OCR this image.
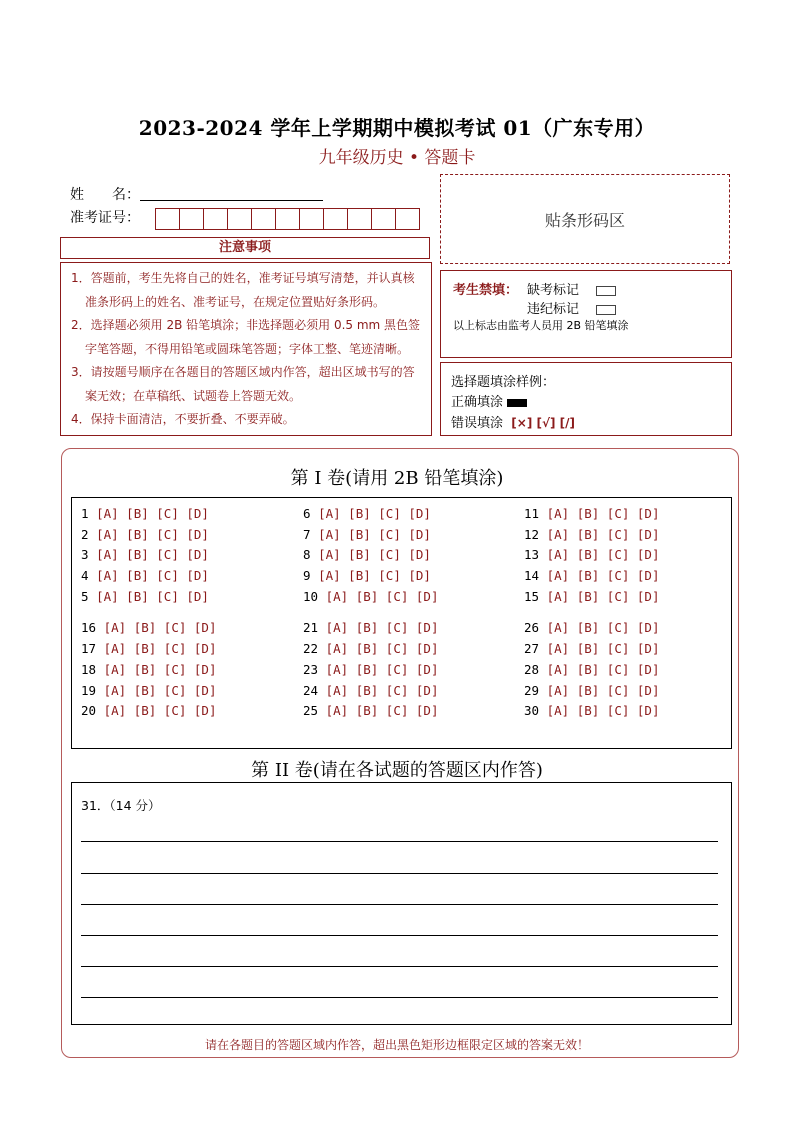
2023-2024 学年上学期期中模拟考试 01（广东专用）
九年级历史 • 答题卡
姓　　名：
准考证号：	贴条形码区
注意事项

1．答题前，考生先将自己的姓名，准考证号填写清楚，并认真核准条形码上的姓名、准考证号，在规定位置贴好条形码。

2．选择题必须用 2B 铅笔填涂；非选择题必须用 0.5 mm 黑色签字笔答题，不得用铅笔或圆珠笔答题；字体工整、笔迹清晰。

3．请按题号顺序在各题目的答题区域内作答，超出区域书写的答案无效；在草稿纸、试题卷上答题无效。

4．保持卡面清洁，不要折叠、不要弄破。

考生禁填： 缺考标记
违纪标记
以上标志由监考人员用 2B 铅笔填涂
选择题填涂样例：
正确填涂
错误填涂 [×] [√] [/]
第 I 卷(请用 2B 铅笔填涂)
1 [A] [B] [C] [D]
2 [A] [B] [C] [D]
3 [A] [B] [C] [D]
4 [A] [B] [C] [D]
5 [A] [B] [C] [D]
6 [A] [B] [C] [D]
7 [A] [B] [C] [D]
8 [A] [B] [C] [D]
9 [A] [B] [C] [D]
10 [A] [B] [C] [D]
11 [A] [B] [C] [D]
12 [A] [B] [C] [D]
13 [A] [B] [C] [D]
14 [A] [B] [C] [D]
15 [A] [B] [C] [D]
16 [A] [B] [C] [D]
17 [A] [B] [C] [D]
18 [A] [B] [C] [D]
19 [A] [B] [C] [D]
20 [A] [B] [C] [D]
21 [A] [B] [C] [D]
22 [A] [B] [C] [D]
23 [A] [B] [C] [D]
24 [A] [B] [C] [D]
25 [A] [B] [C] [D]
26 [A] [B] [C] [D]
27 [A] [B] [C] [D]
28 [A] [B] [C] [D]
29 [A] [B] [C] [D]
30 [A] [B] [C] [D]
第 II 卷(请在各试题的答题区内作答)
31．（14 分）
请在各题目的答题区域内作答，超出黑色矩形边框限定区域的答案无效！
